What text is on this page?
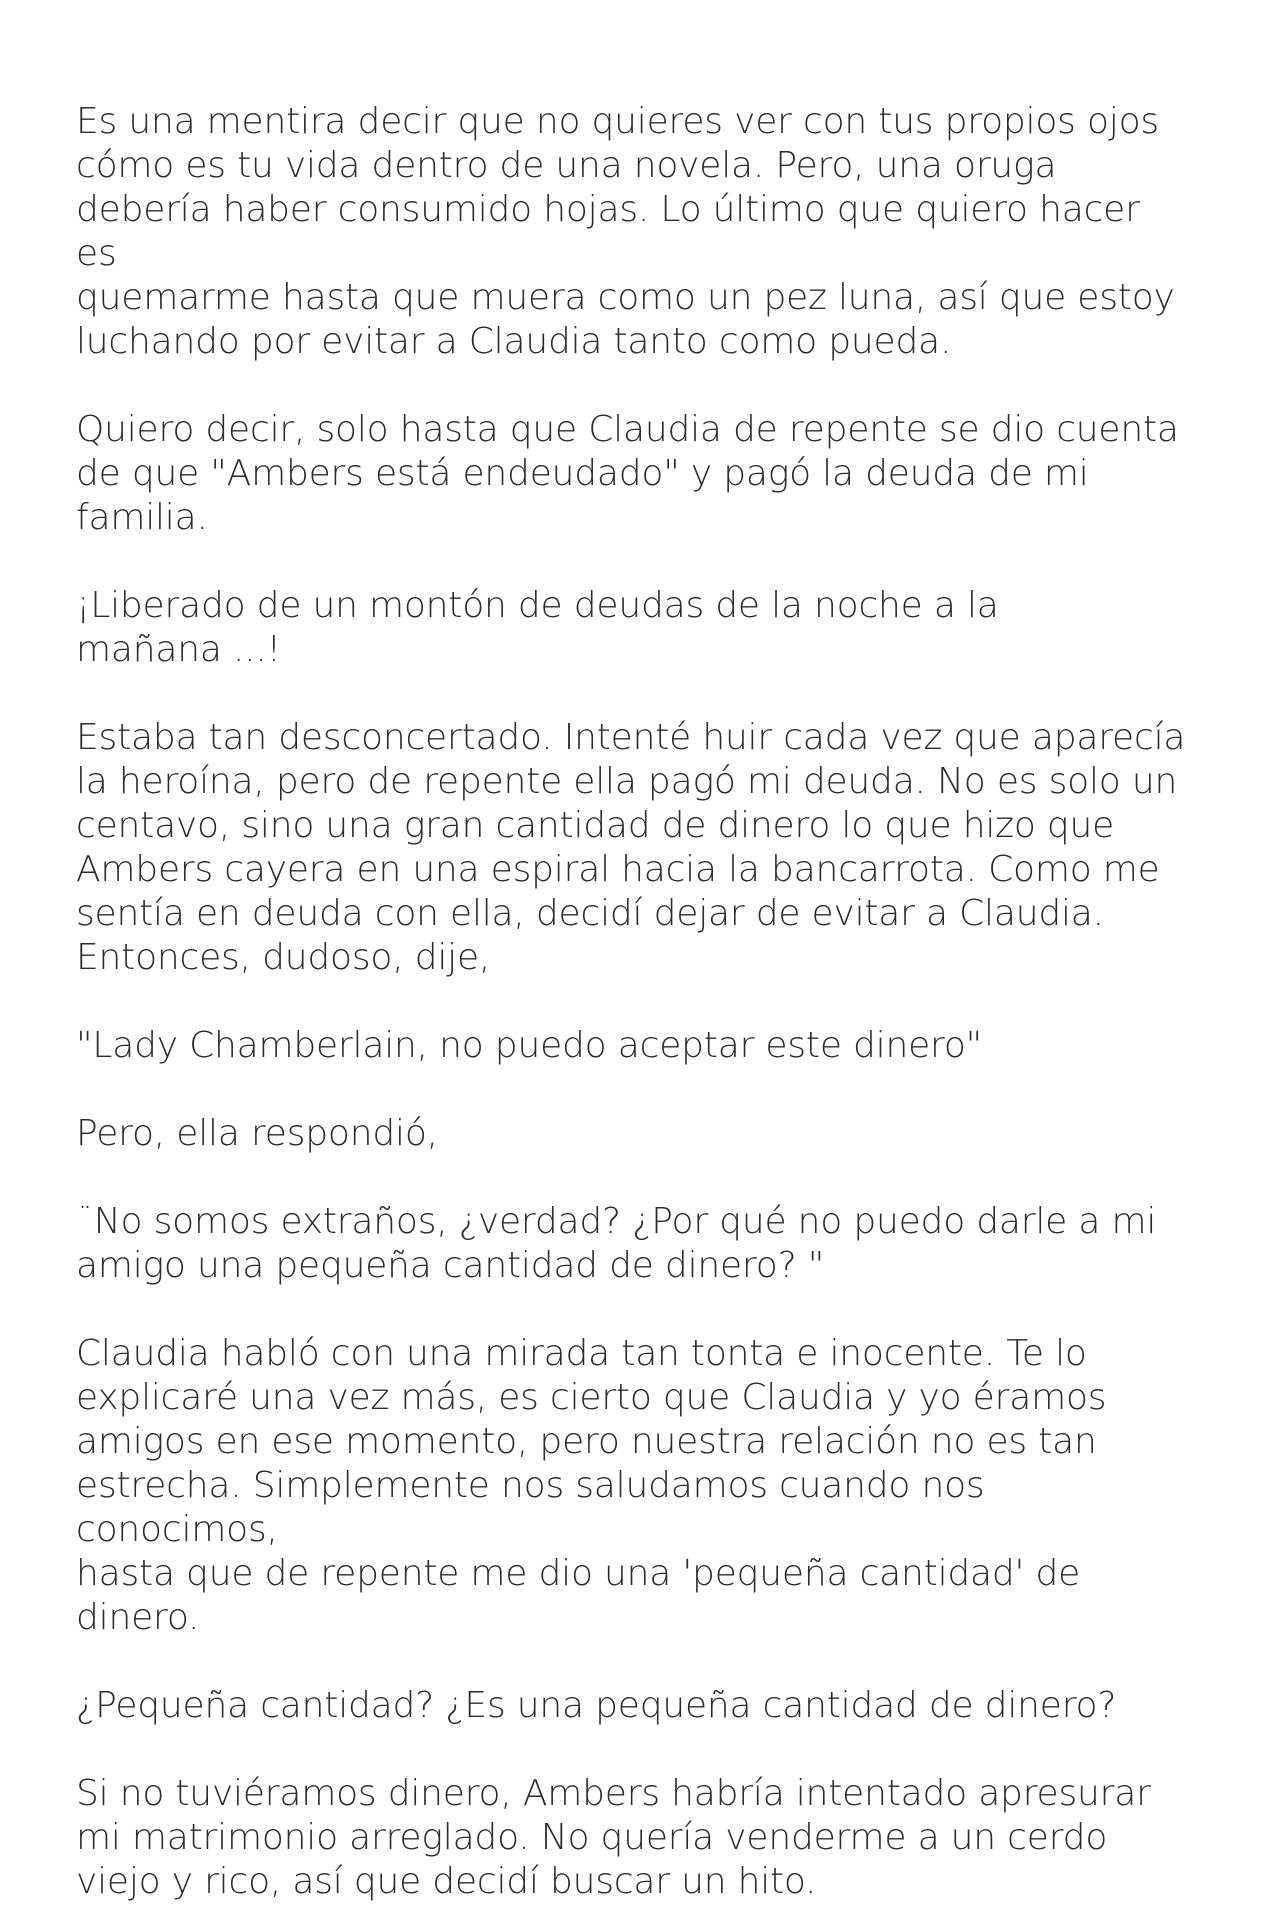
Es una mentira decir que no quieres ver con tus propios ojos
cómo es tu vida dentro de una novela. Pero, una oruga
debería haber consumido hojas. Lo último que quiero hacer es
quemarme hasta que muera como un pez luna, así que estoy
luchando por evitar a Claudia tanto como pueda.

Quiero decir, solo hasta que Claudia de repente se dio cuenta
de que "Ambers está endeudado" y pagó la deuda de mi
familia.

¡Liberado de un montón de deudas de la noche a la
mañana ...!

Estaba tan desconcertado. Intenté huir cada vez que aparecía
la heroína, pero de repente ella pagó mi deuda. No es solo un
centavo, sino una gran cantidad de dinero lo que hizo que
Ambers cayera en una espiral hacia la bancarrota. Como me
sentía en deuda con ella, decidí dejar de evitar a Claudia.
Entonces, dudoso, dije,

"Lady Chamberlain, no puedo aceptar este dinero"

Pero, ella respondió,

¨No somos extraños, ¿verdad? ¿Por qué no puedo darle a mi
amigo una pequeña cantidad de dinero? "

Claudia habló con una mirada tan tonta e inocente. Te lo
explicaré una vez más, es cierto que Claudia y yo éramos
amigos en ese momento, pero nuestra relación no es tan
estrecha. Simplemente nos saludamos cuando nos conocimos,
hasta que de repente me dio una 'pequeña cantidad' de
dinero.

¿Pequeña cantidad? ¿Es una pequeña cantidad de dinero?

Si no tuviéramos dinero, Ambers habría intentado apresurar
mi matrimonio arreglado. No quería venderme a un cerdo
viejo y rico, así que decidí buscar un hito.
